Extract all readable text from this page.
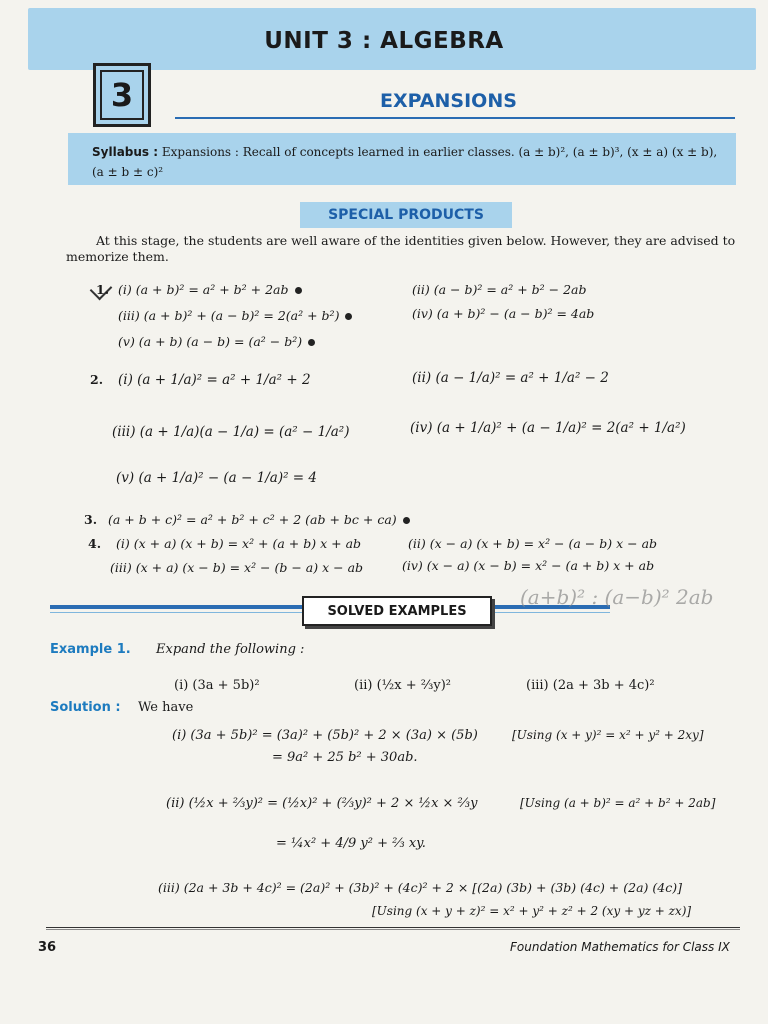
UNIT 3 : ALGEBRA
3	EXPANSIONS
Syllabus : Expansions : Recall of concepts learned in earlier classes. (a ± b)², (a ± b)³, (x ± a) (x ± b), (a ± b ± c)²
SPECIAL PRODUCTS
At this stage, the students are well aware of the identities given below. However, they are advised to memorize them.
1. (i) (a + b)² = a² + b² + 2ab	(ii) (a − b)² = a² + b² − 2ab
(iii) (a + b)² + (a − b)² = 2(a² + b²)	(iv) (a + b)² − (a − b)² = 4ab
(v) (a + b) (a − b) = (a² − b²)
2. (i) (a + 1/a)² = a² + 1/a² + 2	(ii) (a − 1/a)² = a² + 1/a² − 2
(iii) (a + 1/a)(a − 1/a) = (a² − 1/a²)	(iv) (a + 1/a)² + (a − 1/a)² = 2(a² + 1/a²)
(v) (a + 1/a)² − (a − 1/a)² = 4
3. (a + b + c)² = a² + b² + c² + 2 (ab + bc + ca)
4. (i) (x + a) (x + b) = x² + (a + b) x + ab	(ii) (x − a) (x + b) = x² − (a − b) x − ab
(iii) (x + a) (x − b) = x² − (b − a) x − ab	(iv) (x − a) (x − b) = x² − (a + b) x + ab
SOLVED EXAMPLES
(a+b)² : (a−b)² 2ab
Example 1. Expand the following :
(i) (3a + 5b)²	(ii) (½x + ⅔y)²	(iii) (2a + 3b + 4c)²
Solution : We have
(i) (3a + 5b)² = (3a)² + (5b)² + 2 × (3a) × (5b)	[Using (x + y)² = x² + y² + 2xy]
= 9a² + 25 b² + 30ab.
(ii) (½x + ⅔y)² = (½x)² + (⅔y)² + 2 × ½x × ⅔y	[Using (a + b)² = a² + b² + 2ab]
= ¼x² + 4/9 y² + ⅔ xy.
(iii) (2a + 3b + 4c)² = (2a)² + (3b)² + (4c)² + 2 × [(2a) (3b) + (3b) (4c) + (2a) (4c)]
[Using (x + y + z)² = x² + y² + z² + 2 (xy + yz + zx)]
36	Foundation Mathematics for Class IX
